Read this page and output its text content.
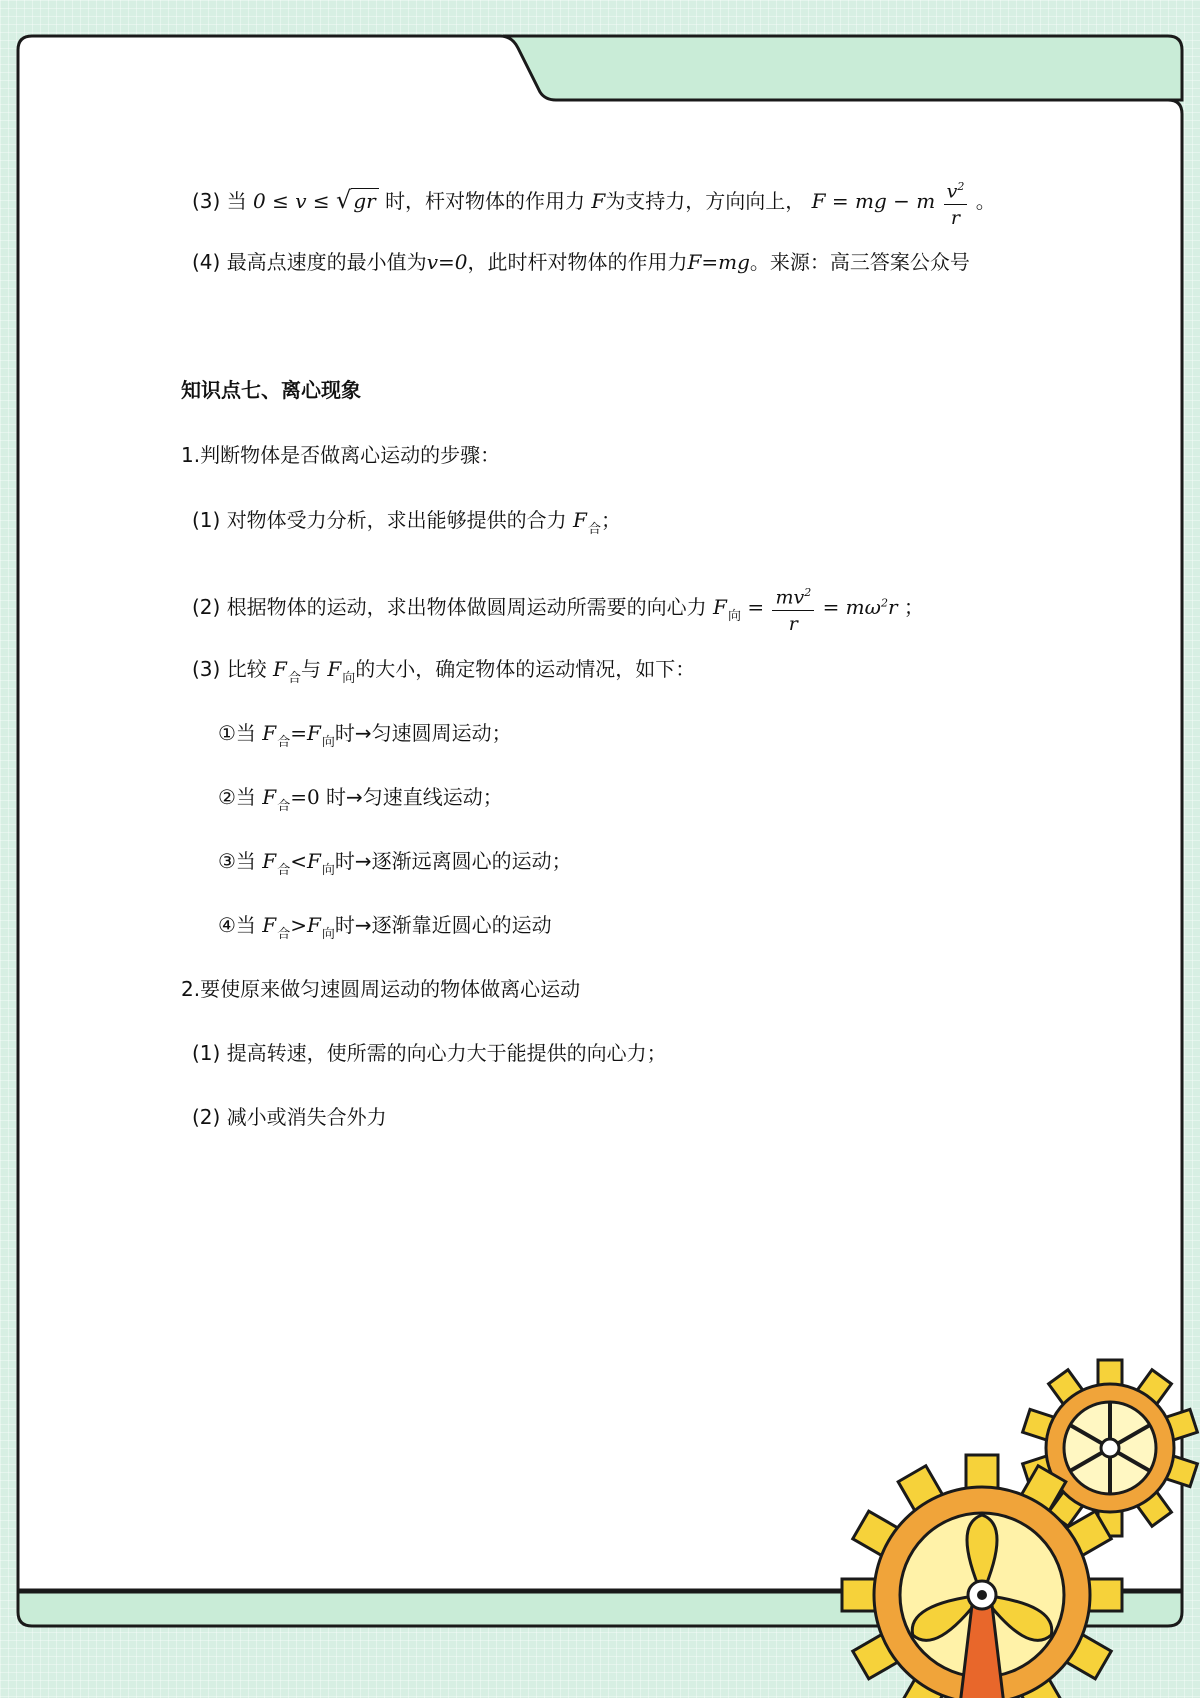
(3) 当 0 ≤ v ≤ √ gr 时，杆对物体的作用力 F为支持力，方向向上， F = mg − m $\frac{v^2}{r}$ 。
(4) 最高点速度的最小值为v=0，此时杆对物体的作用力F=mg。来源：高三答案公众号
知识点七、离心现象
1.判断物体是否做离心运动的步骤：
(1) 对物体受力分析，求出能够提供的合力 $F_合$；
(2) 根据物体的运动，求出物体做圆周运动所需要的向心力 $F_向 = \frac{mv^2}{r} = m\omega^2r$ ；
(3) 比较 $F_合$与 $F_向$的大小，确定物体的运动情况，如下：
①当 $F_合=F_向$时→匀速圆周运动；
②当 $F_合=0$ 时→匀速直线运动；
③当 $F_合<F_向$时→逐渐远离圆心的运动；
④当 $F_合>F_向$时→逐渐靠近圆心的运动
2.要使原来做匀速圆周运动的物体做离心运动
(1) 提高转速，使所需的向心力大于能提供的向心力；
(2) 减小或消失合外力
